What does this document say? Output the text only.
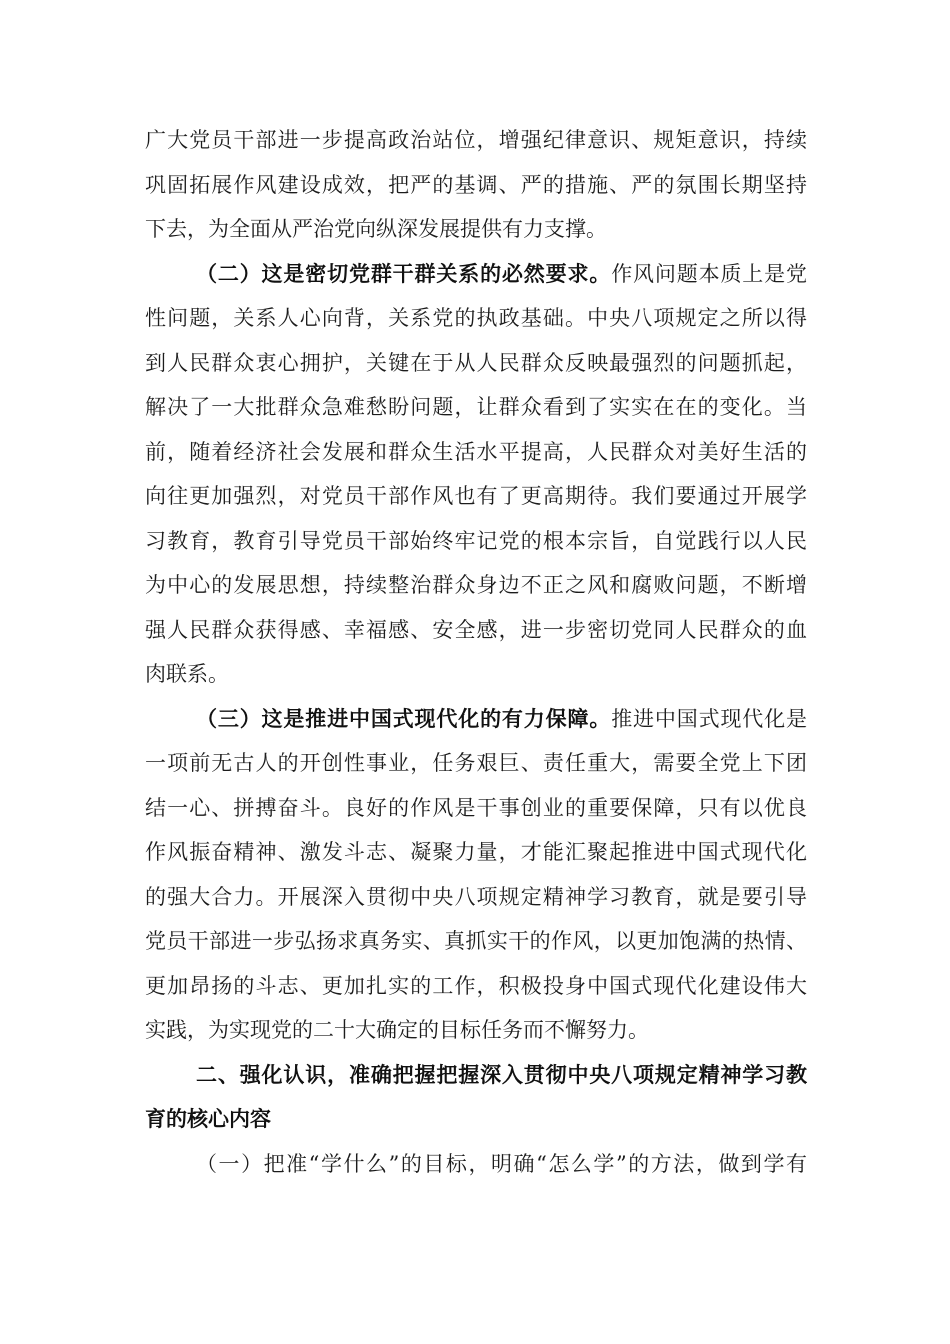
广大党员干部进一步提高政治站位，增强纪律意识、规矩意识，持续
巩固拓展作风建设成效，把严的基调、严的措施、严的氛围长期坚持
下去，为全面从严治党向纵深发展提供有力支撑。
（二）这是密切党群干群关系的必然要求。作风问题本质上是党
性问题，关系人心向背，关系党的执政基础。中央八项规定之所以得
到人民群众衷心拥护，关键在于从人民群众反映最强烈的问题抓起，
解决了一大批群众急难愁盼问题，让群众看到了实实在在的变化。当
前，随着经济社会发展和群众生活水平提高，人民群众对美好生活的
向往更加强烈，对党员干部作风也有了更高期待。我们要通过开展学
习教育，教育引导党员干部始终牢记党的根本宗旨，自觉践行以人民
为中心的发展思想，持续整治群众身边不正之风和腐败问题，不断增
强人民群众获得感、幸福感、安全感，进一步密切党同人民群众的血
肉联系。
（三）这是推进中国式现代化的有力保障。推进中国式现代化是
一项前无古人的开创性事业，任务艰巨、责任重大，需要全党上下团
结一心、拼搏奋斗。良好的作风是干事创业的重要保障，只有以优良
作风振奋精神、激发斗志、凝聚力量，才能汇聚起推进中国式现代化
的强大合力。开展深入贯彻中央八项规定精神学习教育，就是要引导
党员干部进一步弘扬求真务实、真抓实干的作风，以更加饱满的热情、
更加昂扬的斗志、更加扎实的工作，积极投身中国式现代化建设伟大
实践，为实现党的二十大确定的目标任务而不懈努力。
二、强化认识，准确把握把握深入贯彻中央八项规定精神学习教
育的核心内容
（一）把准“学什么”的目标，明确“怎么学”的方法，做到学有
